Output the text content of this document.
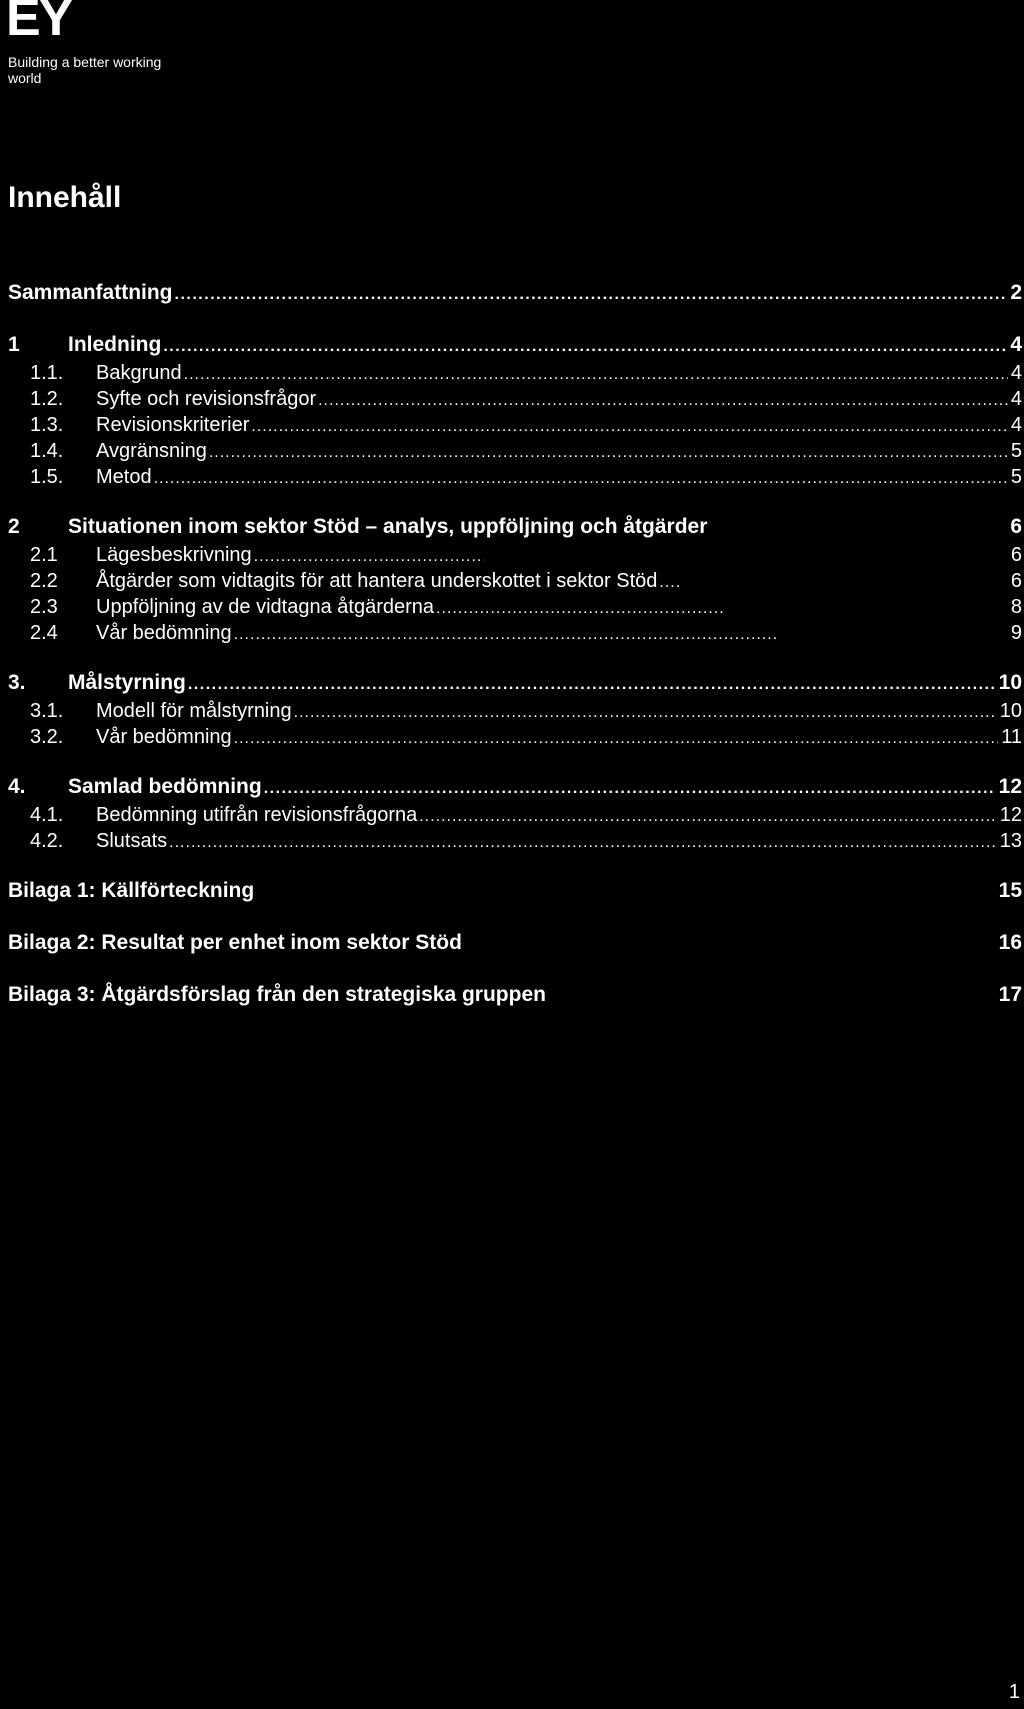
EY
Building a better working world
Innehåll
Sammanfattning .....	2
1	Inledning .....	4
1.1.	Bakgrund .....	4
1.2.	Syfte och revisionsfrågor .....	4
1.3.	Revisionskriterier .....	4
1.4.	Avgränsning .....	5
1.5.	Metod .....	5
2	Situationen inom sektor Stöd – analys, uppföljning och åtgärder	6
2.1	Lägesbeskrivning .....	6
2.2	Åtgärder som vidtagits för att hantera underskottet i sektor Stöd .....	6
2.3	Uppföljning av de vidtagna åtgärderna .....	8
2.4	Vår bedömning .....	9
3.	Målstyrning .....	10
3.1.	Modell för målstyrning .....	10
3.2.	Vår bedömning .....	11
4.	Samlad bedömning .....	12
4.1.	Bedömning utifrån revisionsfrågorna .....	12
4.2.	Slutsats .....	13
Bilaga 1: Källförteckning	15
Bilaga 2: Resultat per enhet inom sektor Stöd	16
Bilaga 3: Åtgärdsförslag från den strategiska gruppen	17
1
